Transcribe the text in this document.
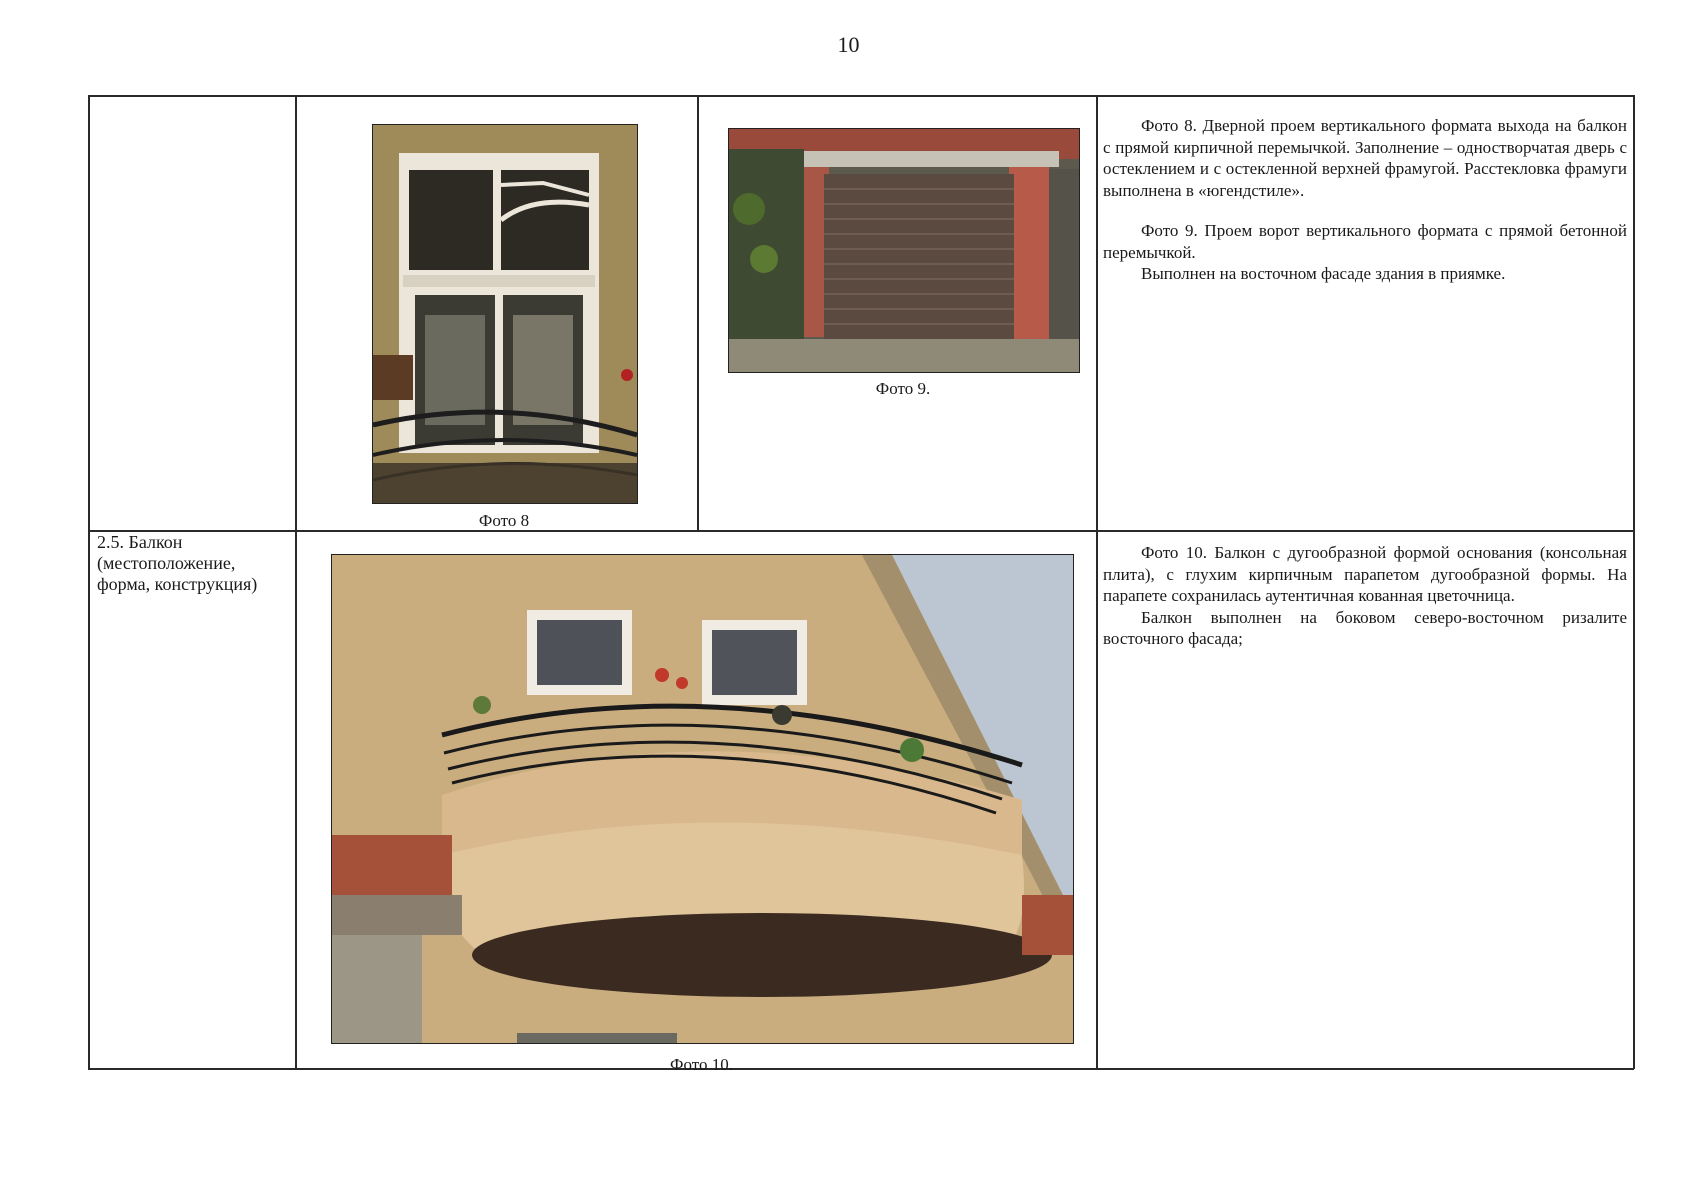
10
Фото 8
Фото 9.

Фото 8. Дверной проем вертикального формата выхода на балкон с прямой кирпичной перемычкой. Заполнение – одностворчатая дверь с остеклением и с остекленной верхней фрамугой. Расстекловка фрамуги выполнена в «югендстиле».

Фото 9. Проем ворот вертикального формата с прямой бетонной перемычкой.

Выполнен на восточном фасаде здания в приямке.

2.5. Балкон (местоположение, форма, конструкция)
Фото 10.

Фото 10. Балкон с дугообразной формой основания (консольная плита), с глухим кирпичным парапетом дугообразной формы. На парапете сохранилась аутентичная кованная цветочница.

Балкон выполнен на боковом северо-восточном ризалите восточного фасада;
